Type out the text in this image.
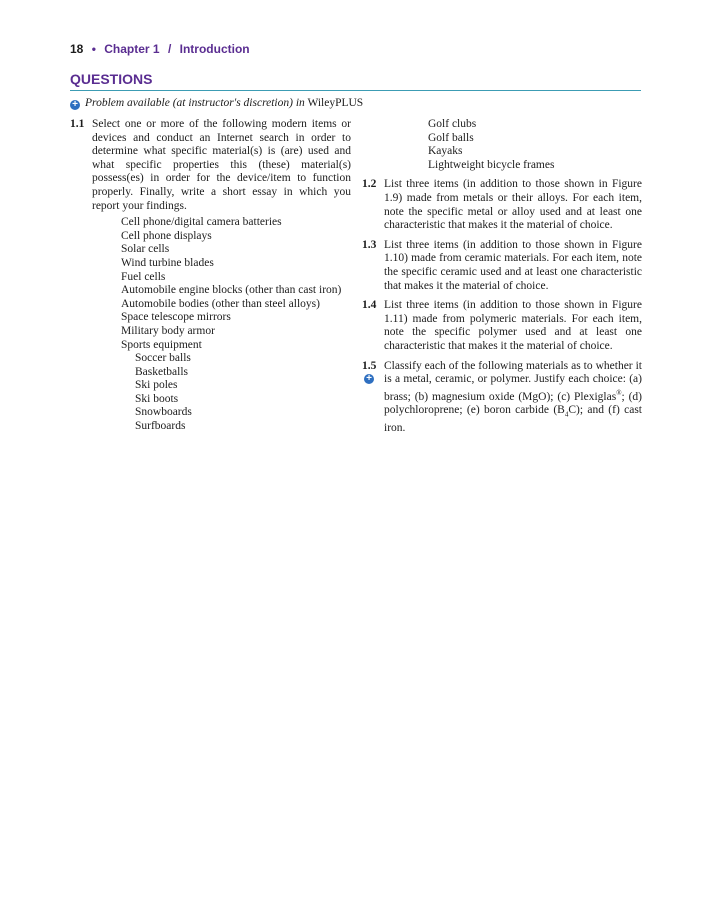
18 • Chapter 1 / Introduction
QUESTIONS
+ Problem available (at instructor's discretion) in WileyPLUS
1.1 Select one or more of the following modern items or devices and conduct an Internet search in order to determine what specific material(s) is (are) used and what specific properties this (these) material(s) possess(es) in order for the device/item to function properly. Finally, write a short essay in which you report your findings.
Cell phone/digital camera batteries
Cell phone displays
Solar cells
Wind turbine blades
Fuel cells
Automobile engine blocks (other than cast iron)
Automobile bodies (other than steel alloys)
Space telescope mirrors
Military body armor
Sports equipment
Soccer balls
Basketballs
Ski poles
Ski boots
Snowboards
Surfboards
Golf clubs
Golf balls
Kayaks
Lightweight bicycle frames
1.2 List three items (in addition to those shown in Figure 1.9) made from metals or their alloys. For each item, note the specific metal or alloy used and at least one characteristic that makes it the material of choice.
1.3 List three items (in addition to those shown in Figure 1.10) made from ceramic materials. For each item, note the specific ceramic used and at least one characteristic that makes it the material of choice.
1.4 List three items (in addition to those shown in Figure 1.11) made from polymeric materials. For each item, note the specific polymer used and at least one characteristic that makes it the material of choice.
1.5
+
Classify each of the following materials as to whether it is a metal, ceramic, or polymer. Justify each choice: (a) brass; (b) magnesium oxide (MgO); (c) Plexiglas®; (d) polychloroprene; (e) boron carbide $(B_4C)$; and (f) cast iron.
